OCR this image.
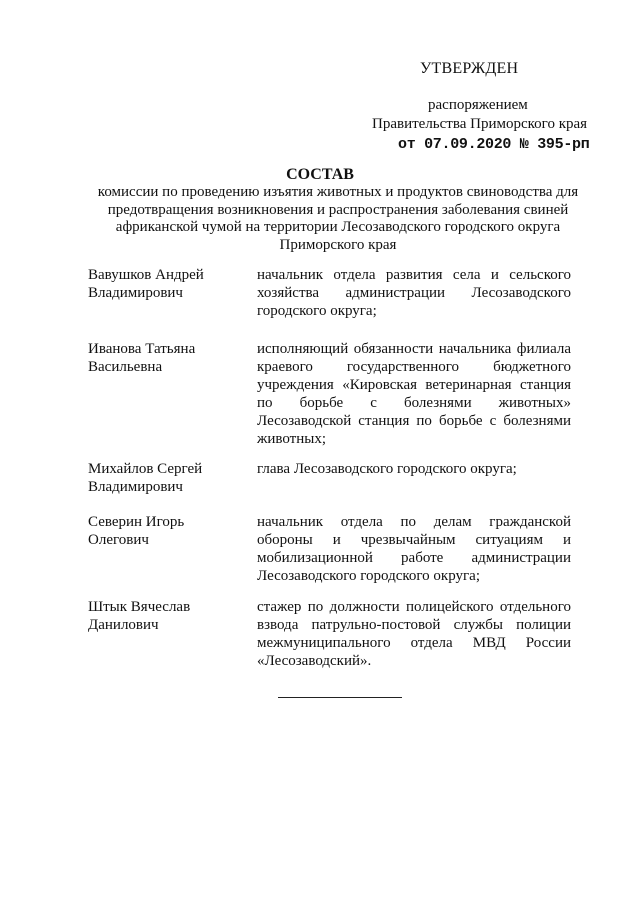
УТВЕРЖДЕН
распоряжением
Правительства Приморского края
от 07.09.2020 № 395-рп
СОСТАВ
комиссии по проведению изъятия животных и продуктов свиноводства для предотвращения возникновения и распространения заболевания свиней африканской чумой на территории Лесозаводского городского округа Приморского края
Вавушков Андрей
Владимирович
начальник отдела развития села и сельского хозяйства администрации Лесозаводского городского округа;
Иванова Татьяна
Васильевна
исполняющий обязанности начальника филиала краевого государственного бюджетного учреждения «Кировская ветеринарная станция по борьбе с болезнями животных» Лесозаводской станция по борьбе с болезнями животных;
Михайлов Сергей
Владимирович
глава Лесозаводского городского округа;
Северин Игорь
Олегович
начальник отдела по делам гражданской обороны и чрезвычайным ситуациям и мобилизационной работе администрации Лесозаводского городского округа;
Штык Вячеслав
Данилович
стажер по должности полицейского отдельного взвода патрульно-постовой службы полиции межмуниципального отдела МВД России «Лесозаводский».
